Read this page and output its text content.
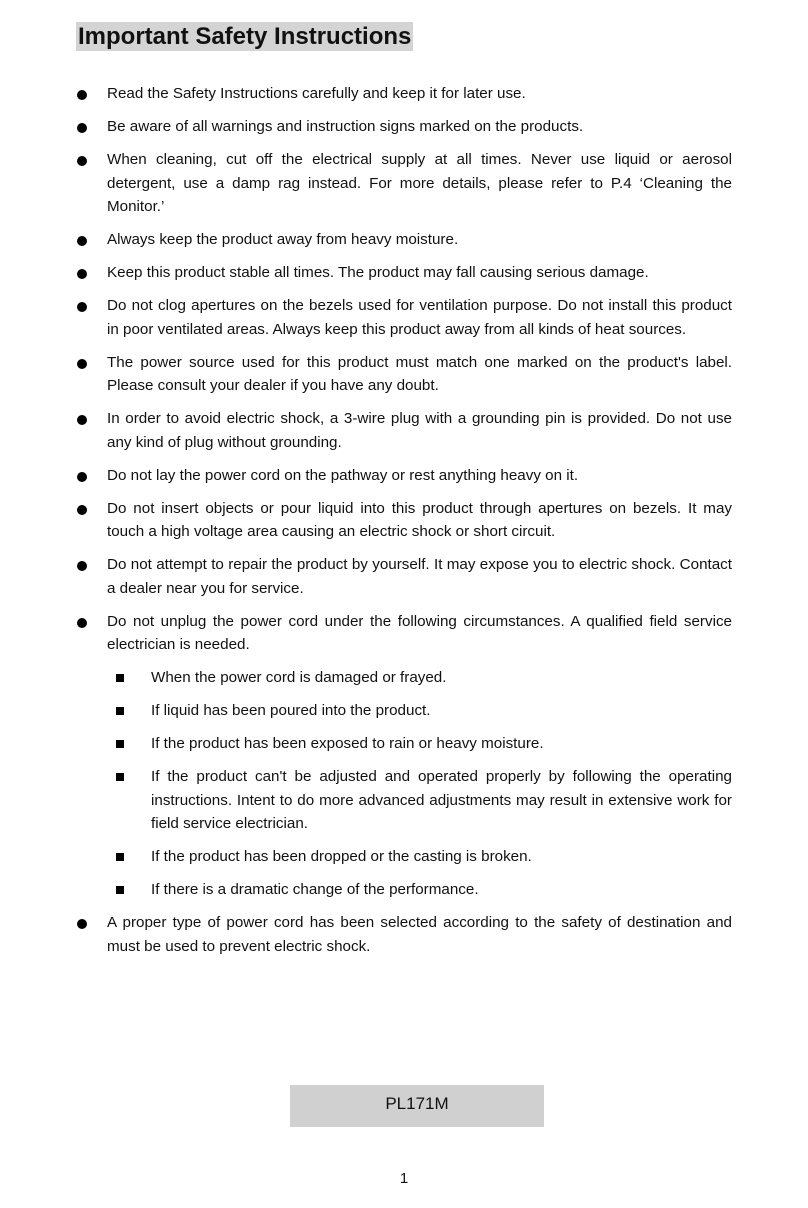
Important Safety Instructions
Read the Safety Instructions carefully and keep it for later use.
Be aware of all warnings and instruction signs marked on the products.
When cleaning, cut off the electrical supply at all times. Never use liquid or aerosol detergent, use a damp rag instead. For more details, please refer to P.4 ‘Cleaning the Monitor.’
Always keep the product away from heavy moisture.
Keep this product stable all times. The product may fall causing serious damage.
Do not clog apertures on the bezels used for ventilation purpose. Do not install this product in poor ventilated areas. Always keep this product away from all kinds of heat sources.
The power source used for this product must match one marked on the product's label. Please consult your dealer if you have any doubt.
In order to avoid electric shock, a 3-wire plug with a grounding pin is provided. Do not use any kind of plug without grounding.
Do not lay the power cord on the pathway or rest anything heavy on it.
Do not insert objects or pour liquid into this product through apertures on bezels. It may touch a high voltage area causing an electric shock or short circuit.
Do not attempt to repair the product by yourself. It may expose you to electric shock. Contact a dealer near you for service.
Do not unplug the power cord under the following circumstances. A qualified field service electrician is needed.
When the power cord is damaged or frayed.
If liquid has been poured into the product.
If the product has been exposed to rain or heavy moisture.
If the product can't be adjusted and operated properly by following the operating instructions. Intent to do more advanced adjustments may result in extensive work for field service electrician.
If the product has been dropped or the casting is broken.
If there is a dramatic change of the performance.
A proper type of power cord has been selected according to the safety of destination and must be used to prevent electric shock.
PL171M
1
